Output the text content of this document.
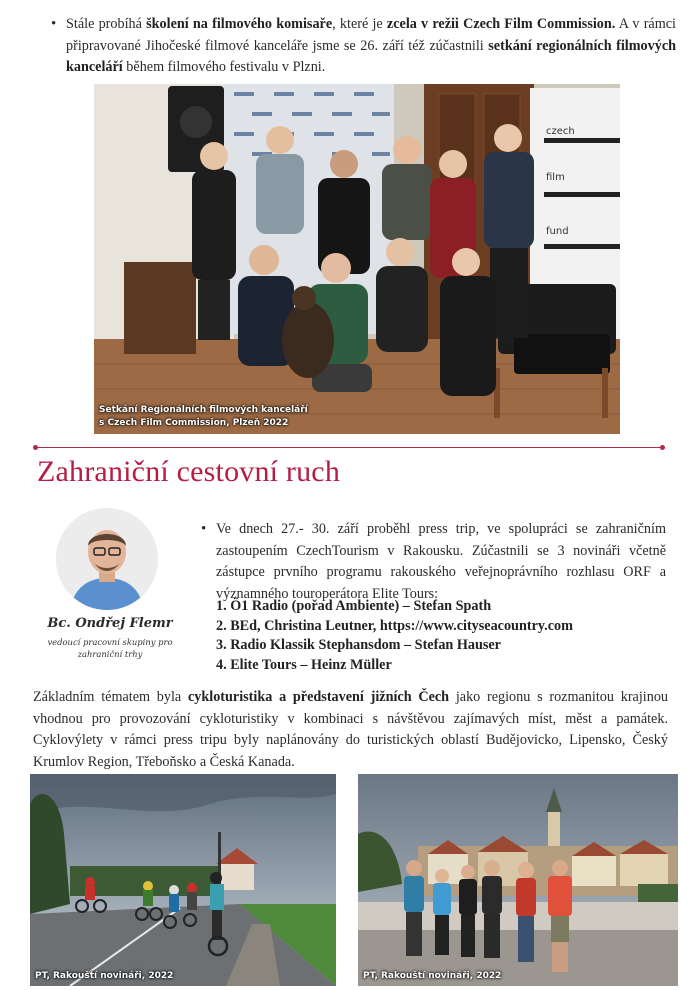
• Stále probíhá školení na filmového komisaře, které je zcela v režii Czech Film Commission. A v rámci připravované Jihočeské filmové kanceláře jsme se 26. září též zúčastnili setkání regionálních filmových kanceláří během filmového festivalu v Plzni.
czech
film
fund
Setkání Regionálních filmových kanceláří
s Czech Film Commission, Plzeň 2022
Zahraniční cestovní ruch
Bc. Ondřej Flemr
vedoucí pracovní skupiny pro
zahraniční trhy
• Ve dnech 27.- 30. září proběhl press trip, ve spolupráci se zahraničním zastoupením CzechTourism v Rakousku. Zúčastnili se 3 novináři včetně zástupce prvního programu rakouského veřejnoprávního rozhlasu ORF a významného touroperátora Elite Tours:
1. Ö1 Radio (pořad Ambiente) – Stefan Spath
2. BEd, Christina Leutner, https://www.cityseacountry.com
3. Radio Klassik Stephansdom – Stefan Hauser
4. Elite Tours – Heinz Müller
Základním tématem byla cykloturistika a představení jižních Čech jako regionu s rozmanitou krajinou vhodnou pro provozování cykloturistiky v kombinaci s návštěvou zajímavých míst, měst a památek. Cyklovýlety v rámci press tripu byly naplánovány do turistických oblastí Budějovicko, Lipensko, Český Krumlov Region, Třeboňsko a Česká Kanada.
PT, Rakouští novináři, 2022	PT, Rakouští novináři, 2022
